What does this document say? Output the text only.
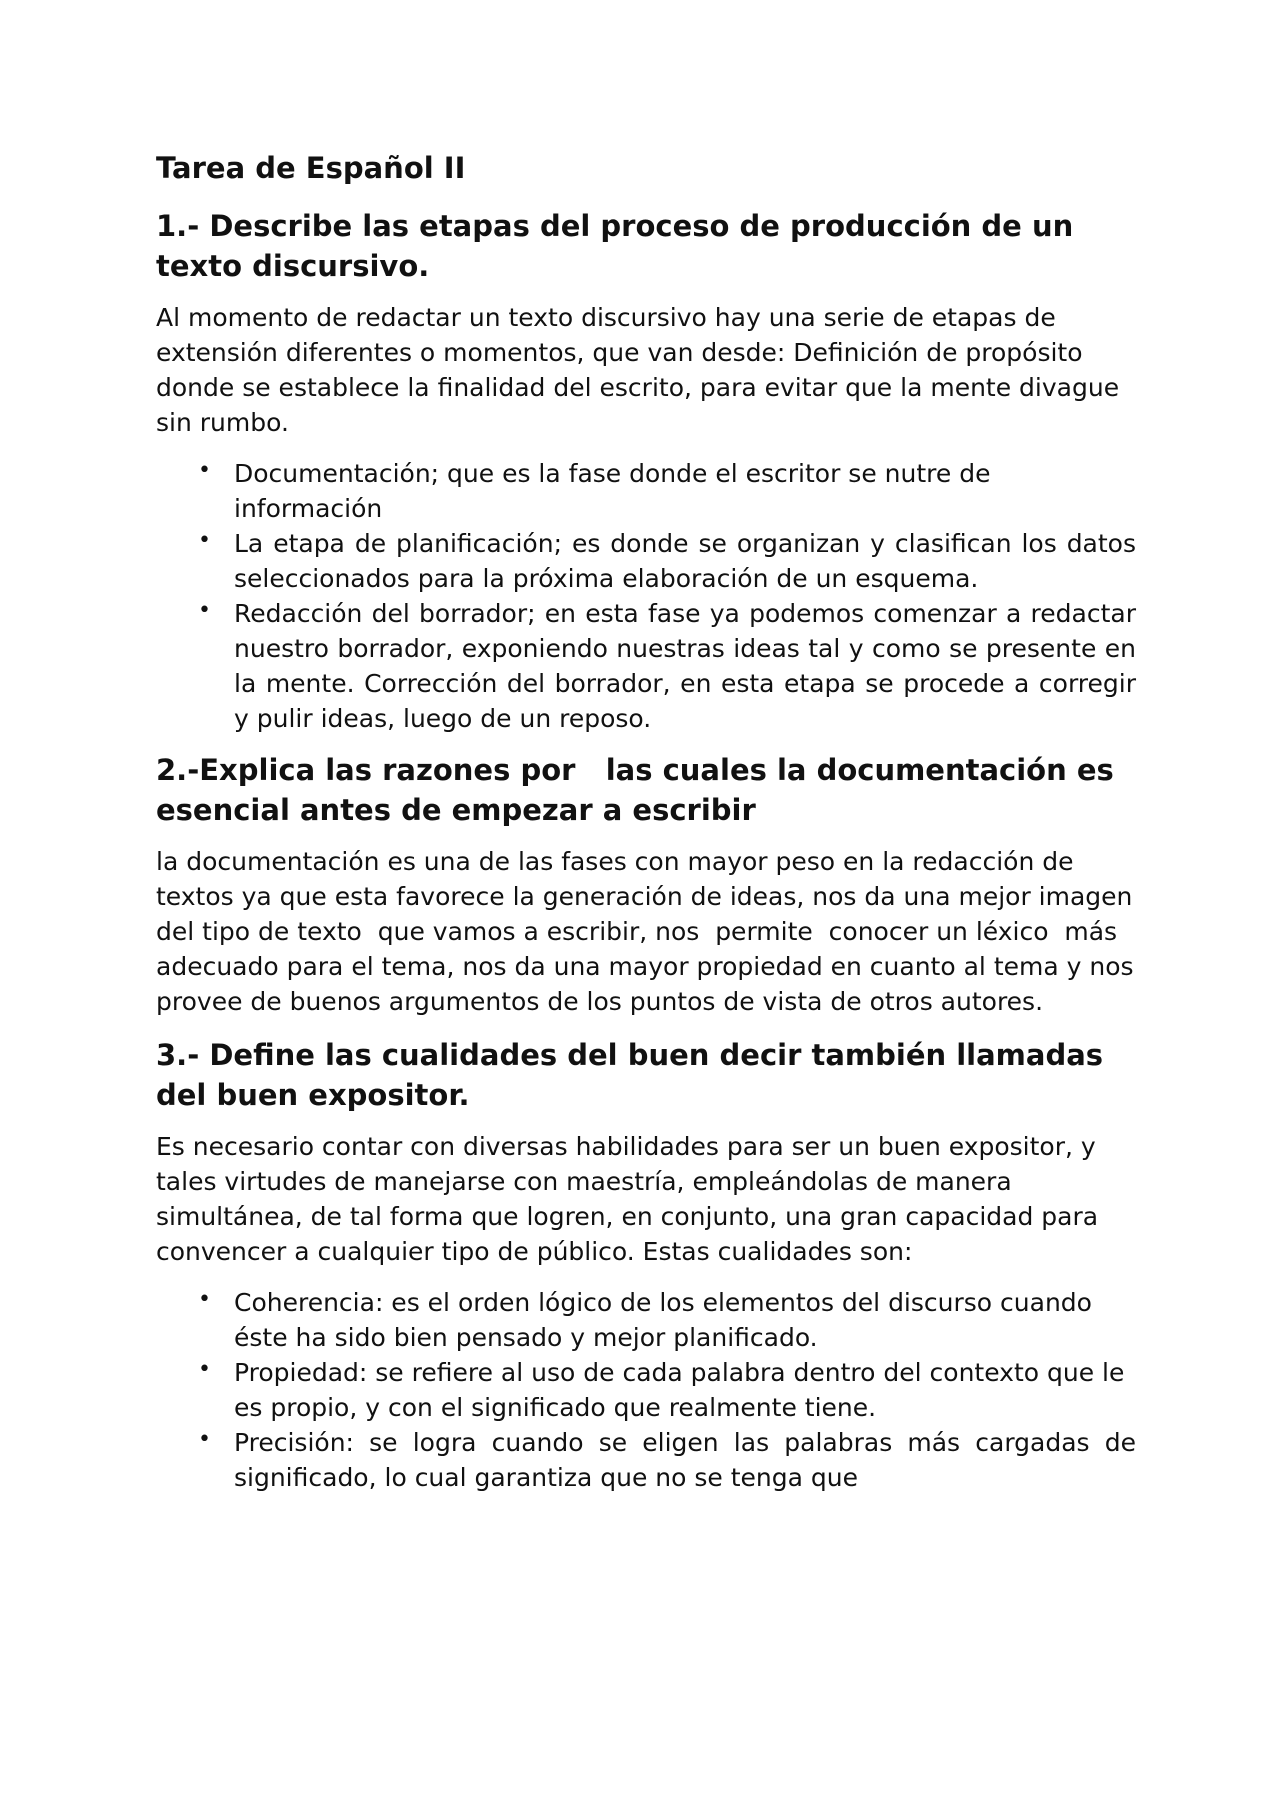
Tarea de Español II
1.- Describe las etapas del proceso de producción de un texto discursivo.
Al momento de redactar un texto discursivo hay una serie de etapas de extensión diferentes o momentos, que van desde: Definición de propósito donde se establece la finalidad del escrito, para evitar que la mente divague sin rumbo.
• Documentación; que es la fase donde el escritor se nutre de información
• La etapa de planificación; es donde se organizan y clasifican los datos seleccionados para la próxima elaboración de un esquema.
• Redacción del borrador; en esta fase ya podemos comenzar a redactar nuestro borrador, exponiendo nuestras ideas tal y como se presente en la mente. Corrección del borrador, en esta etapa se procede a corregir y pulir ideas, luego de un reposo.
2.-Explica las razones por   las cuales la documentación es esencial antes de empezar a escribir
la documentación es una de las fases con mayor peso en la redacción de textos ya que esta favorece la generación de ideas, nos da una mejor imagen del tipo de texto  que vamos a escribir, nos  permite  conocer un léxico  más adecuado para el tema, nos da una mayor propiedad en cuanto al tema y nos provee de buenos argumentos de los puntos de vista de otros autores.
3.- Define las cualidades del buen decir también llamadas del buen expositor.
Es necesario contar con diversas habilidades para ser un buen expositor, y tales virtudes de manejarse con maestría, empleándolas de manera simultánea, de tal forma que logren, en conjunto, una gran capacidad para convencer a cualquier tipo de público. Estas cualidades son:
• Coherencia: es el orden lógico de los elementos del discurso cuando éste ha sido bien pensado y mejor planificado.
• Propiedad: se refiere al uso de cada palabra dentro del contexto que le es propio, y con el significado que realmente tiene.
• Precisión: se logra cuando se eligen las palabras más cargadas de significado, lo cual garantiza que no se tenga que
